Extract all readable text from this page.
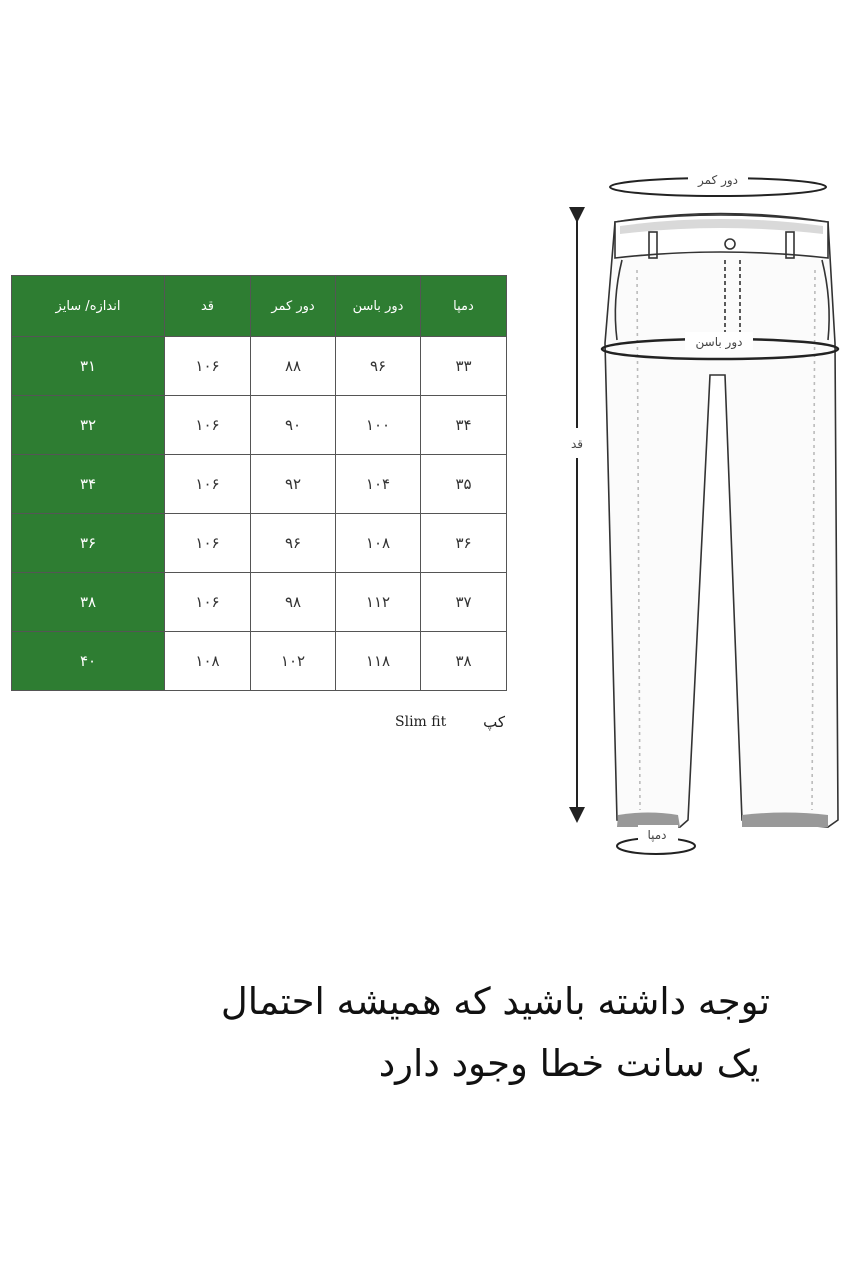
اندازه/ سایز	قد	دور کمر	دور باسن	دمپا
۳۱	۱۰۶	۸۸	۹۶	۳۳
۳۲	۱۰۶	۹۰	۱۰۰	۳۴
۳۴	۱۰۶	۹۲	۱۰۴	۳۵
۳۶	۱۰۶	۹۶	۱۰۸	۳۶
۳۸	۱۰۶	۹۸	۱۱۲	۳۷
۴۰	۱۰۸	۱۰۲	۱۱۸	۳۸
Slim fit کپ
دور کمر
قد
دور باسن
دمپا
توجه داشته باشید که همیشه احتمال
یک سانت خطا وجود دارد
